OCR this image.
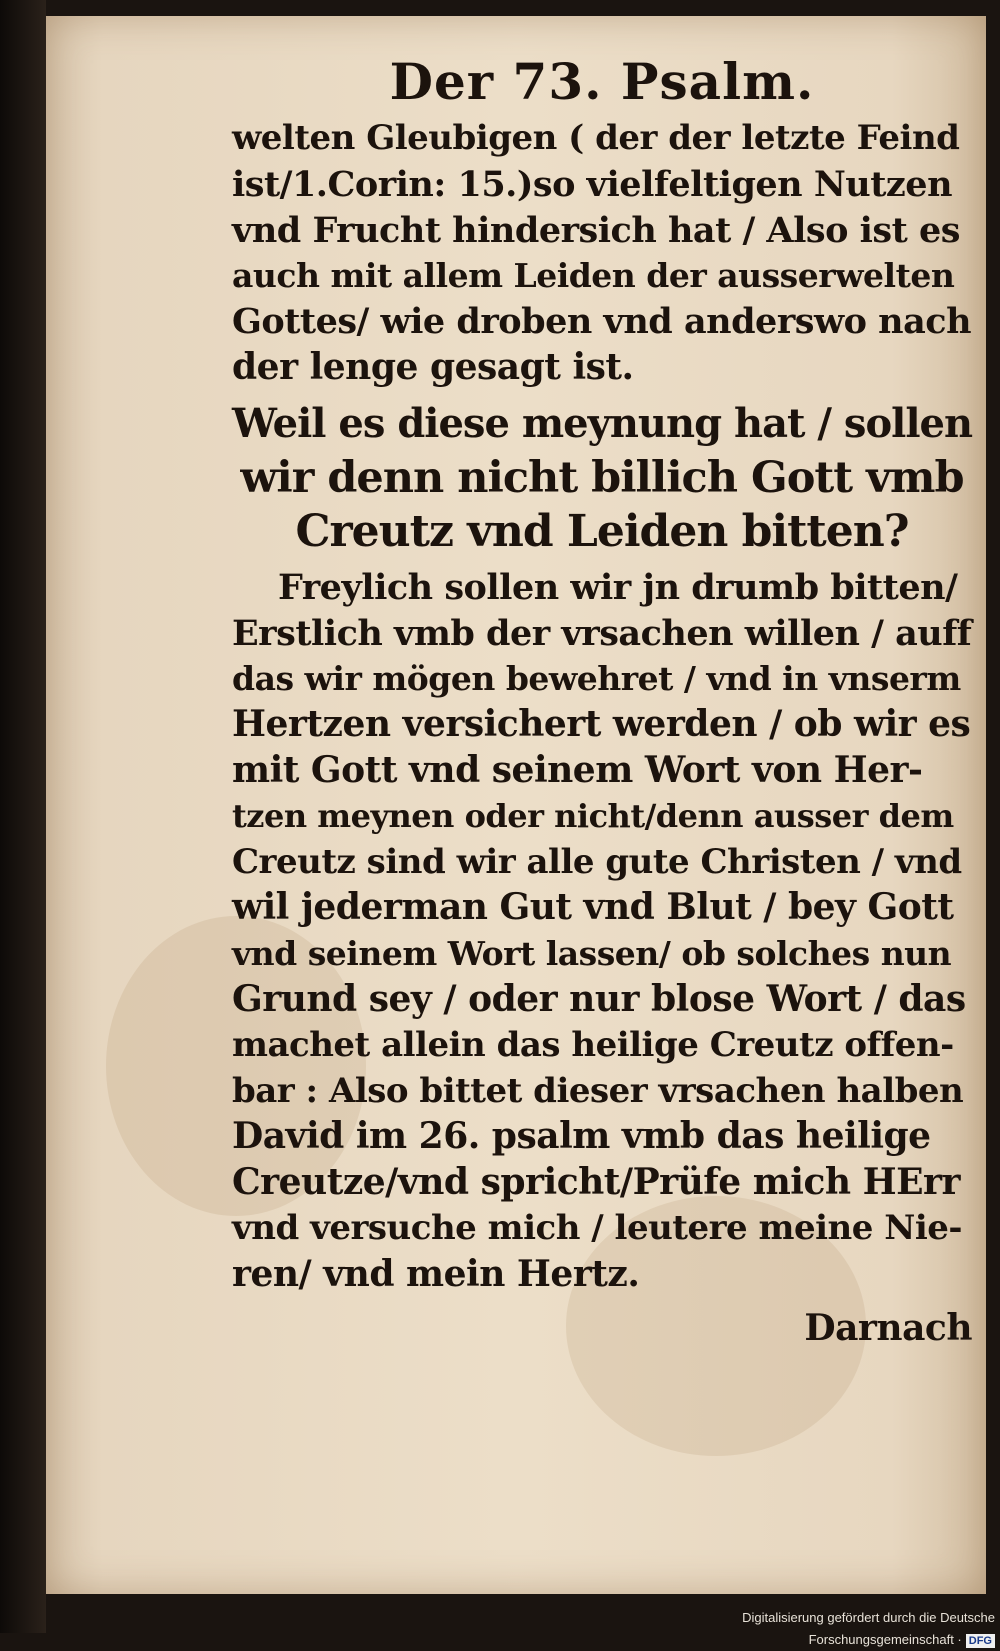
Der 73. Psalm.
welten Gleubigen ( der der letzte Feind
ist/1.Corin: 15.)so vielfeltigen Nutzen
vnd Frucht hindersich hat / Also ist es
auch mit allem Leiden der ausserwelten
Gottes/ wie droben vnd anderswo nach
der lenge gesagt ist.
Weil es diese meynung hat / sollen
wir denn nicht billich Gott vmb
Creutz vnd Leiden bitten?
Freylich sollen wir jn drumb bitten/
Erstlich vmb der vrsachen willen / auff
das wir mögen bewehret / vnd in vnserm
Hertzen versichert werden / ob wir es
mit Gott vnd seinem Wort von Her-
tzen meynen oder nicht/denn ausser dem
Creutz sind wir alle gute Christen / vnd
wil jederman Gut vnd Blut / bey Gott
vnd seinem Wort lassen/ ob solches nun
Grund sey / oder nur blose Wort / das
machet allein das heilige Creutz offen-
bar : Also bittet dieser vrsachen halben
David im 26. psalm vmb das heilige
Creutze/vnd spricht/Prüfe mich HErr
vnd versuche mich / leutere meine Nie-
ren/ vnd mein Hertz.
Darnach
Digitalisierung gefördert durch die Deutsche Forschungsgemeinschaft · DFG
